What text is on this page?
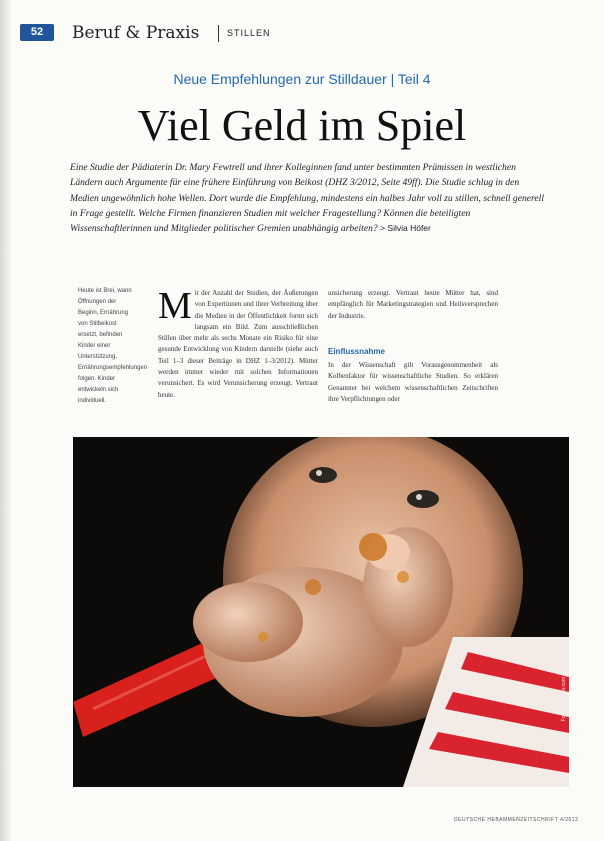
52	Beruf & Praxis	STILLEN
Neue Empfehlungen zur Stilldauer | Teil 4
Viel Geld im Spiel

Eine Studie der Pädiaterin Dr. Mary Fewtrell und ihrer Kolleginnen fand unter bestimmten Prämissen in westlichen Ländern auch Argumente für eine frühere Einführung von Beikost (DHZ 3/2012, Seite 49ff). Die Studie schlug in den Medien ungewöhnlich hohe Wellen. Dort wurde die Empfehlung, mindestens ein halbes Jahr voll zu stillen, schnell generell in Frage gestellt. Welche Firmen finanzieren Studien mit welcher Fragestellung? Können die beteiligten Wissenschaftlerinnen und Mitglieder politischer Gremien unabhängig arbeiten? > Silvia Höfer

Heute ist Brei, wann Öffnungen der Beginn, Ernährung von Stilbeikost ersetzt, befinden Kinder einer Unterstützung, Ernährungsempfehlungen folgen. Kinder entwickeln sich individuell.

Mit der Anzahl der Studien, der Äußerungen von Expertinnen und ihrer Verbreitung über die Medien in der Öffentlichkeit formt sich langsam ein Bild. Zum ausschließlichen Stillen über mehr als sechs Monate ein Risiko für eine gesunde Entwicklung von Kindern darstelle (siehe auch Teil 1–3 dieser Beiträge in DHZ 1–3/2012). Mütter werden immer wieder mit solchen Informationen verunsichert. Es wird Verunsicherung erzeugt. Vertraut heute.

unsicherung erzeugt. Vertraut heute Mütter hat, sind empfänglich für Marketingstrategien und Heilsversprechen der Industrie.

Einflussnahme

In der Wissenschaft gilt Vorausgenommenheit als Kolbenfaktor für wissenschaftliche Studien. So erklären Genannter bei welchem wissenschaftlichen Zeitschriften ihre Verpflichtungen oder

Foto: © fotolia.com
DEUTSCHE HEBAMMENZEITSCHRIFT 4/2012
